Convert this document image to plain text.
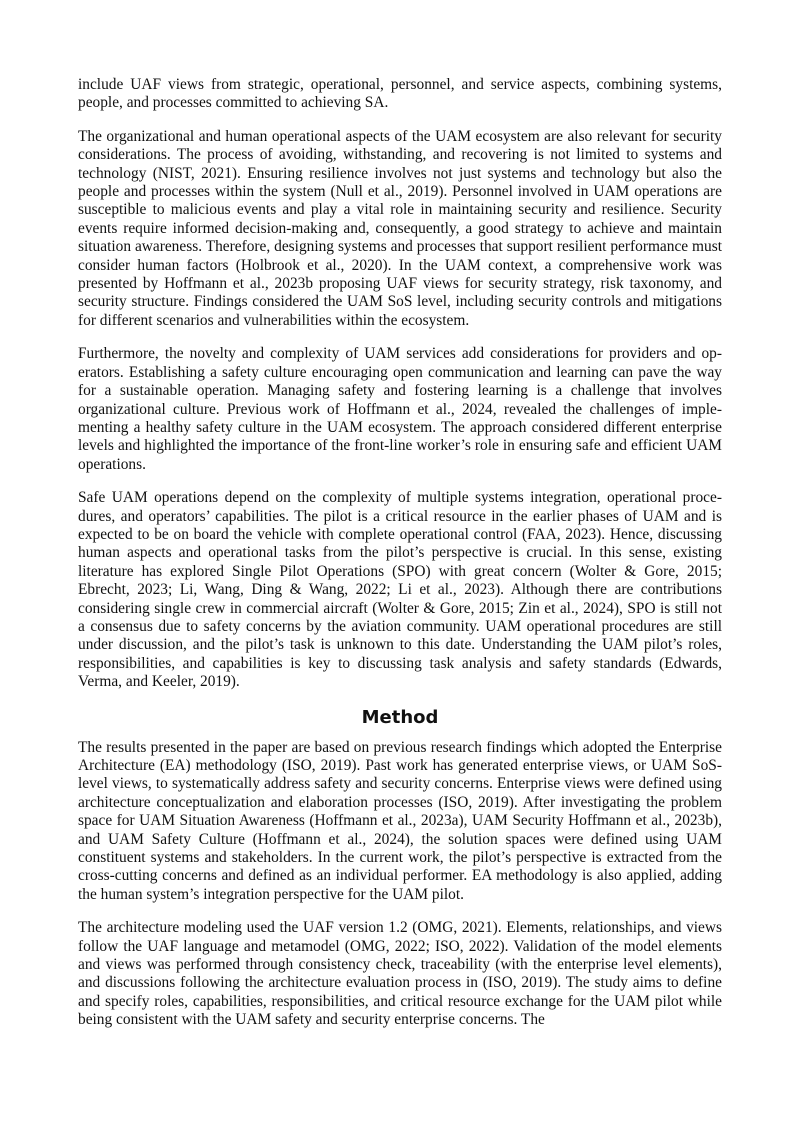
include UAF views from strategic, operational, personnel, and service aspects, combining systems, people, and processes committed to achieving SA.

The organizational and human operational aspects of the UAM ecosystem are also relevant for security considerations. The process of avoiding, withstanding, and recovering is not limited to systems and technology (NIST, 2021). Ensuring resilience involves not just systems and technology but also the people and processes within the system (Null et al., 2019). Personnel involved in UAM operations are susceptible to malicious events and play a vital role in maintaining security and resilience. Security events require informed decision-making and, consequently, a good strategy to achieve and maintain situation awareness. Therefore, designing systems and processes that support resilient performance must consider human factors (Holbrook et al., 2020). In the UAM context, a comprehensive work was presented by Hoffmann et al., 2023b proposing UAF views for security strategy, risk taxonomy, and security structure. Findings considered the UAM SoS level, including security controls and mitigations for different scenarios and vulnerabilities within the ecosystem.

Furthermore, the novelty and complexity of UAM services add considerations for providers and operators. Establishing a safety culture encouraging open communication and learning can pave the way for a sustainable operation. Managing safety and fostering learning is a challenge that involves organizational culture. Previous work of Hoffmann et al., 2024, revealed the challenges of implementing a healthy safety culture in the UAM ecosystem. The approach considered different enterprise levels and highlighted the importance of the front-line worker’s role in ensuring safe and efficient UAM operations.

Safe UAM operations depend on the complexity of multiple systems integration, operational procedures, and operators’ capabilities. The pilot is a critical resource in the earlier phases of UAM and is expected to be on board the vehicle with complete operational control (FAA, 2023). Hence, discussing human aspects and operational tasks from the pilot’s perspective is crucial. In this sense, existing literature has explored Single Pilot Operations (SPO) with great concern (Wolter & Gore, 2015; Ebrecht, 2023; Li, Wang, Ding & Wang, 2022; Li et al., 2023). Although there are contributions considering single crew in commercial aircraft (Wolter & Gore, 2015; Zin et al., 2024), SPO is still not a consensus due to safety concerns by the aviation community. UAM operational procedures are still under discussion, and the pilot’s task is unknown to this date. Understanding the UAM pilot’s roles, responsibilities, and capabilities is key to discussing task analysis and safety standards (Edwards, Verma, and Keeler, 2019).

Method

The results presented in the paper are based on previous research findings which adopted the Enterprise Architecture (EA) methodology (ISO, 2019). Past work has generated enterprise views, or UAM SoS-level views, to systematically address safety and security concerns. Enterprise views were defined using architecture conceptualization and elaboration processes (ISO, 2019). After investigating the problem space for UAM Situation Awareness (Hoffmann et al., 2023a), UAM Security Hoffmann et al., 2023b), and UAM Safety Culture (Hoffmann et al., 2024), the solution spaces were defined using UAM constituent systems and stakeholders. In the current work, the pilot’s perspective is extracted from the cross-cutting concerns and defined as an individual performer. EA methodology is also applied, adding the human system’s integration perspective for the UAM pilot.

The architecture modeling used the UAF version 1.2 (OMG, 2021). Elements, relationships, and views follow the UAF language and metamodel (OMG, 2022; ISO, 2022). Validation of the model elements and views was performed through consistency check, traceability (with the enterprise level elements), and discussions following the architecture evaluation process in (ISO, 2019). The study aims to define and specify roles, capabilities, responsibilities, and critical resource exchange for the UAM pilot while being consistent with the UAM safety and security enterprise concerns. The
